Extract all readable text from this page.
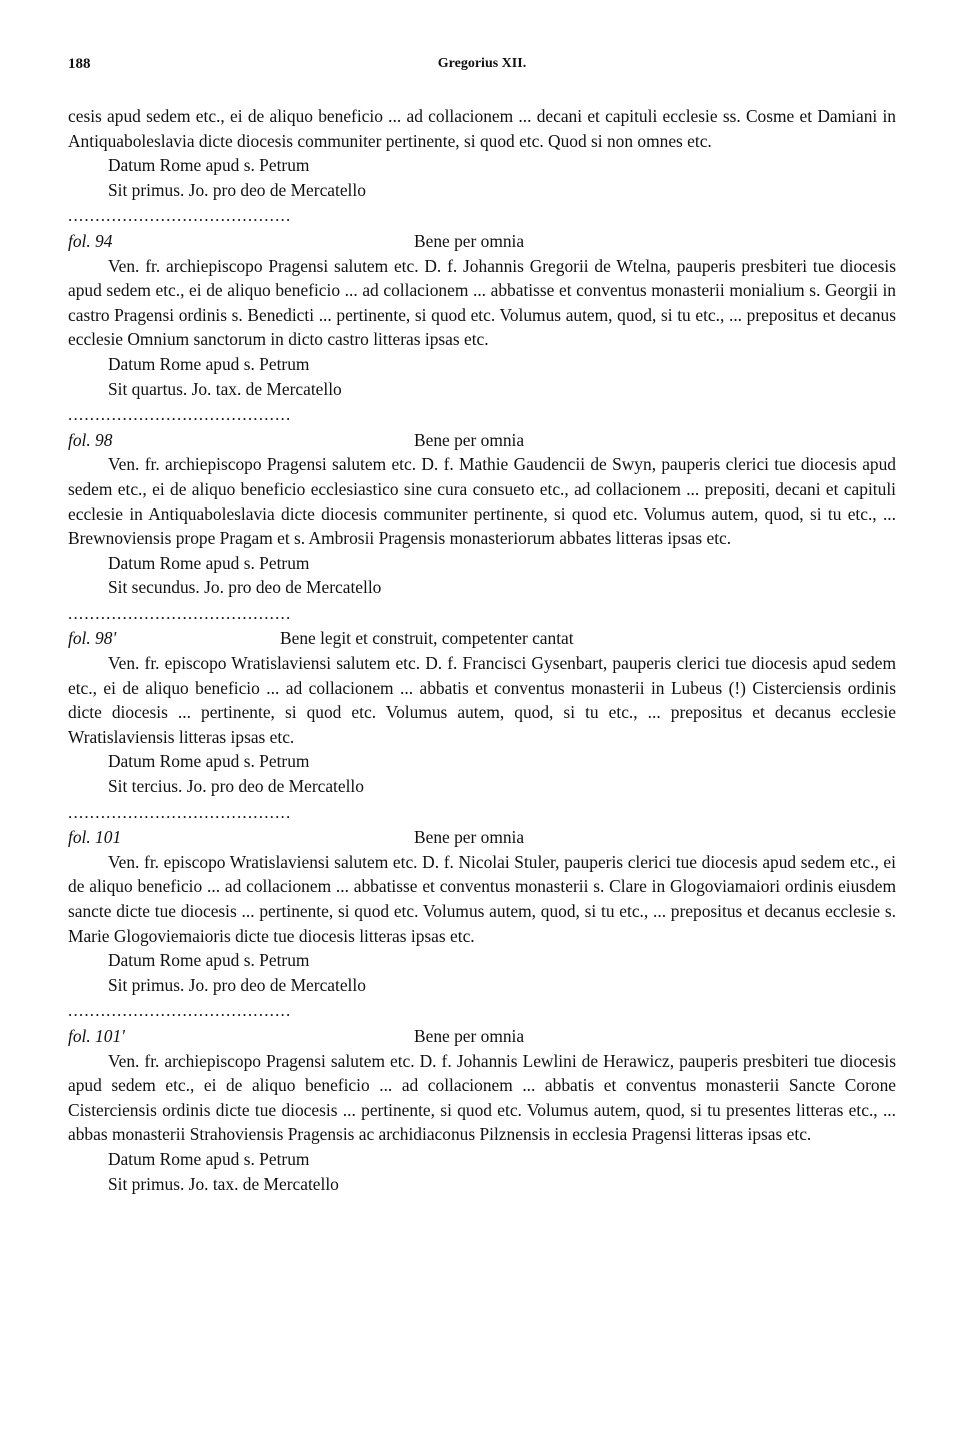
188	Gregorius XII.

cesis apud sedem etc., ei de aliquo beneficio ... ad collacionem ... decani et capituli ecclesie ss. Cosme et Damiani in Antiquaboleslavia dicte diocesis communiter pertinente, si quod etc. Quod si non omnes etc.

Datum Rome apud s. Petrum
Sit primus. Jo. pro deo de Mercatello
.........................................
fol. 94	Bene per omnia

Ven. fr. archiepiscopo Pragensi salutem etc. D. f. Johannis Gregorii de Wtelna, pauperis presbiteri tue diocesis apud sedem etc., ei de aliquo beneficio ... ad collacionem ... abbatisse et conventus monasterii monialium s. Georgii in castro Pragensi ordinis s. Benedicti ... pertinente, si quod etc. Volumus autem, quod, si tu etc., ... prepositus et decanus ecclesie Omnium sanctorum in dicto castro litteras ipsas etc.

Datum Rome apud s. Petrum
Sit quartus. Jo. tax. de Mercatello
.........................................
fol. 98	Bene per omnia

Ven. fr. archiepiscopo Pragensi salutem etc. D. f. Mathie Gaudencii de Swyn, pauperis clerici tue diocesis apud sedem etc., ei de aliquo beneficio ecclesiastico sine cura consueto etc., ad collacionem ... prepositi, decani et capituli ecclesie in Antiquaboleslavia dicte diocesis communiter pertinente, si quod etc. Volumus autem, quod, si tu etc., ... Brewnoviensis prope Pragam et s. Ambrosii Pragensis monasteriorum abbates litteras ipsas etc.

Datum Rome apud s. Petrum
Sit secundus. Jo. pro deo de Mercatello
.........................................
fol. 98'	Bene legit et construit, competenter cantat

Ven. fr. episcopo Wratislaviensi salutem etc. D. f. Francisci Gysenbart, pauperis clerici tue diocesis apud sedem etc., ei de aliquo beneficio ... ad collacionem ... abbatis et conventus monasterii in Lubeus (!) Cisterciensis ordinis dicte diocesis ... pertinente, si quod etc. Volumus autem, quod, si tu etc., ... prepositus et decanus ecclesie Wratislaviensis litteras ipsas etc.

Datum Rome apud s. Petrum
Sit tercius. Jo. pro deo de Mercatello
.........................................
fol. 101	Bene per omnia

Ven. fr. episcopo Wratislaviensi salutem etc. D. f. Nicolai Stuler, pauperis clerici tue diocesis apud sedem etc., ei de aliquo beneficio ... ad collacionem ... abbatisse et conventus monasterii s. Clare in Glogoviamaiori ordinis eiusdem sancte dicte tue diocesis ... pertinente, si quod etc. Volumus autem, quod, si tu etc., ... prepositus et decanus ecclesie s. Marie Glogoviemaioris dicte tue diocesis litteras ipsas etc.

Datum Rome apud s. Petrum
Sit primus. Jo. pro deo de Mercatello
.........................................
fol. 101'	Bene per omnia

Ven. fr. archiepiscopo Pragensi salutem etc. D. f. Johannis Lewlini de Herawicz, pauperis presbiteri tue diocesis apud sedem etc., ei de aliquo beneficio ... ad collacionem ... abbatis et conventus monasterii Sancte Corone Cisterciensis ordinis dicte tue diocesis ... pertinente, si quod etc. Volumus autem, quod, si tu presentes litteras etc., ... abbas monasterii Strahoviensis Pragensis ac archidiaconus Pilznensis in ecclesia Pragensi litteras ipsas etc.

Datum Rome apud s. Petrum
Sit primus. Jo. tax. de Mercatello
